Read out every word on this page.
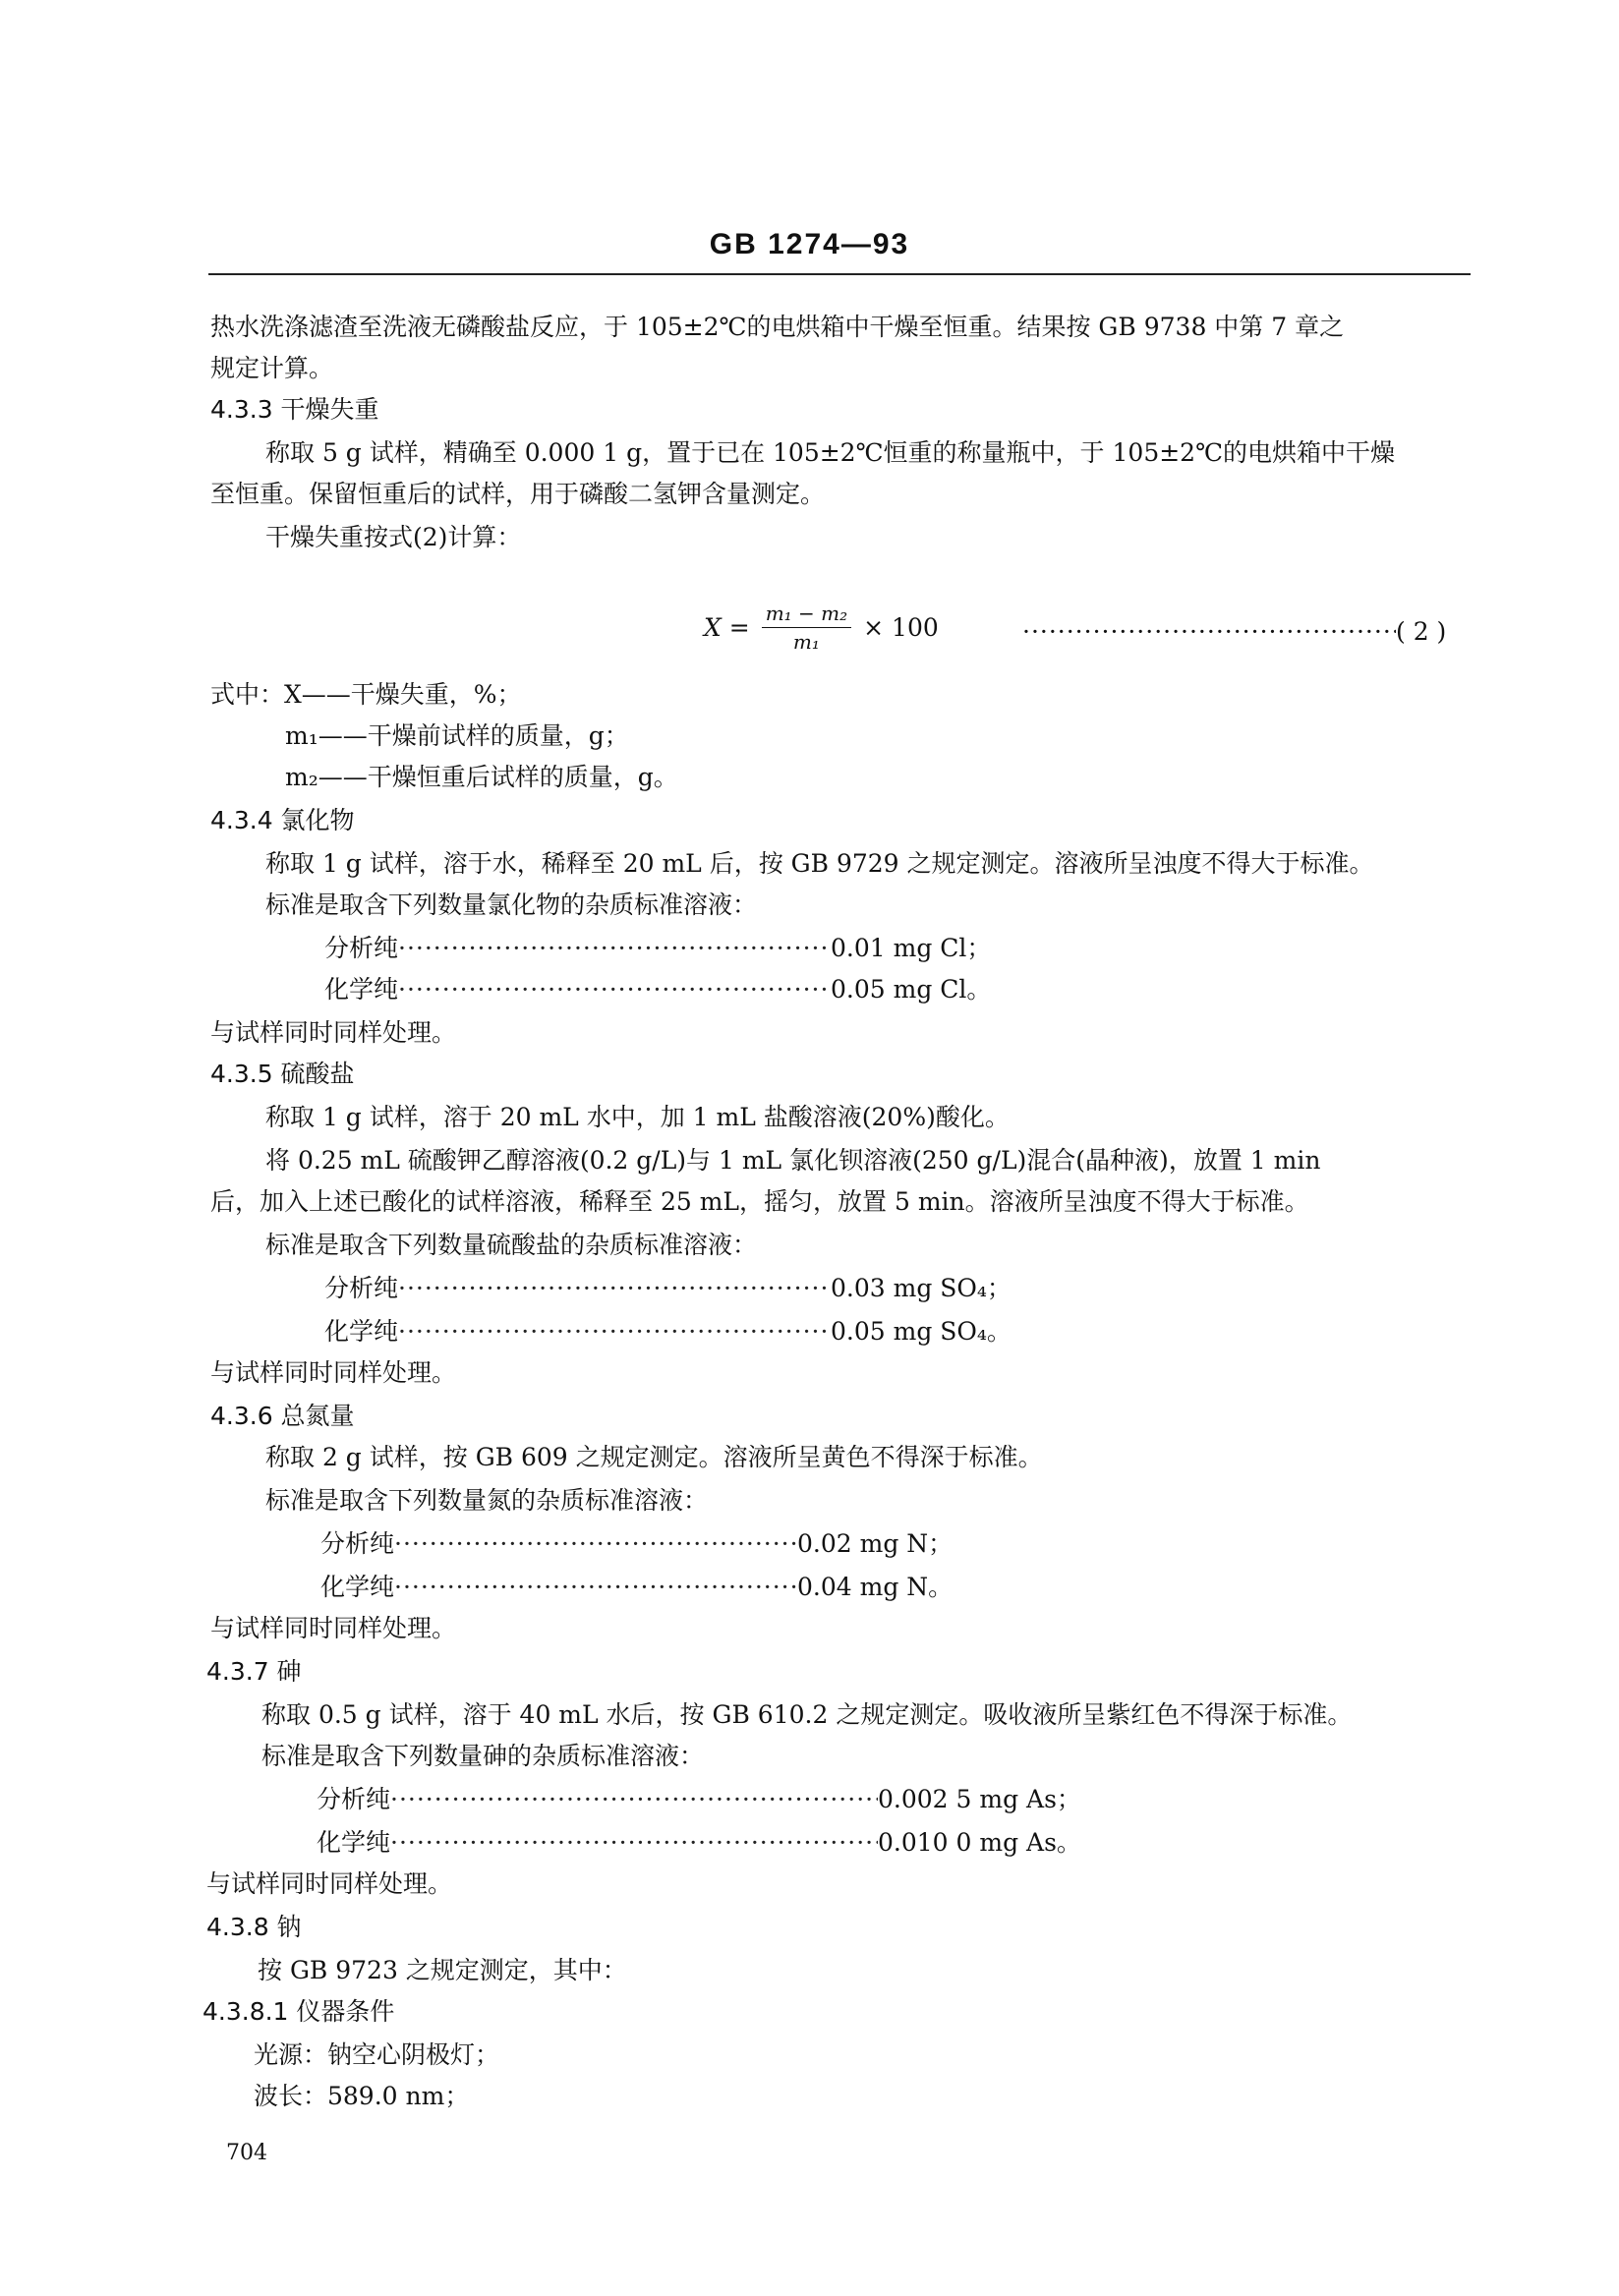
GB 1274—93
热水洗涤滤渣至洗液无磷酸盐反应，于 105±2℃的电烘箱中干燥至恒重。结果按 GB 9738 中第 7 章之
规定计算。
4.3.3 干燥失重
称取 5 g 试样，精确至 0.000 1 g，置于已在 105±2℃恒重的称量瓶中，于 105±2℃的电烘箱中干燥
至恒重。保留恒重后的试样，用于磷酸二氢钾含量测定。
干燥失重按式(2)计算：
$X = \frac{\text{m₁ − m₂}}{\text{m₁}} \times 100$ ·····	( 2 )
式中：X——干燥失重，%；
m₁——干燥前试样的质量，g；
m₂——干燥恒重后试样的质量，g。
4.3.4 氯化物
称取 1 g 试样，溶于水，稀释至 20 mL 后，按 GB 9729 之规定测定。溶液所呈浊度不得大于标准。
标准是取含下列数量氯化物的杂质标准溶液：
分析纯 ·····	0.01 mg Cl；
化学纯 ·····	0.05 mg Cl。
与试样同时同样处理。
4.3.5 硫酸盐
称取 1 g 试样，溶于 20 mL 水中，加 1 mL 盐酸溶液(20%)酸化。
将 0.25 mL 硫酸钾乙醇溶液(0.2 g/L)与 1 mL 氯化钡溶液(250 g/L)混合(晶种液)，放置 1 min
后，加入上述已酸化的试样溶液，稀释至 25 mL，摇匀，放置 5 min。溶液所呈浊度不得大于标准。
标准是取含下列数量硫酸盐的杂质标准溶液：
分析纯 ·····	0.03 mg SO₄；
化学纯 ·····	0.05 mg SO₄。
与试样同时同样处理。
4.3.6 总氮量
称取 2 g 试样，按 GB 609 之规定测定。溶液所呈黄色不得深于标准。
标准是取含下列数量氮的杂质标准溶液：
分析纯 ·····	0.02 mg N；
化学纯 ·····	0.04 mg N。
与试样同时同样处理。
4.3.7 砷
称取 0.5 g 试样，溶于 40 mL 水后，按 GB 610.2 之规定测定。吸收液所呈紫红色不得深于标准。
标准是取含下列数量砷的杂质标准溶液：
分析纯 ·····	0.002 5 mg As；
化学纯 ·····	0.010 0 mg As。
与试样同时同样处理。
4.3.8 钠
按 GB 9723 之规定测定，其中：
4.3.8.1 仪器条件
光源：钠空心阴极灯；
波长：589.0 nm；
704
